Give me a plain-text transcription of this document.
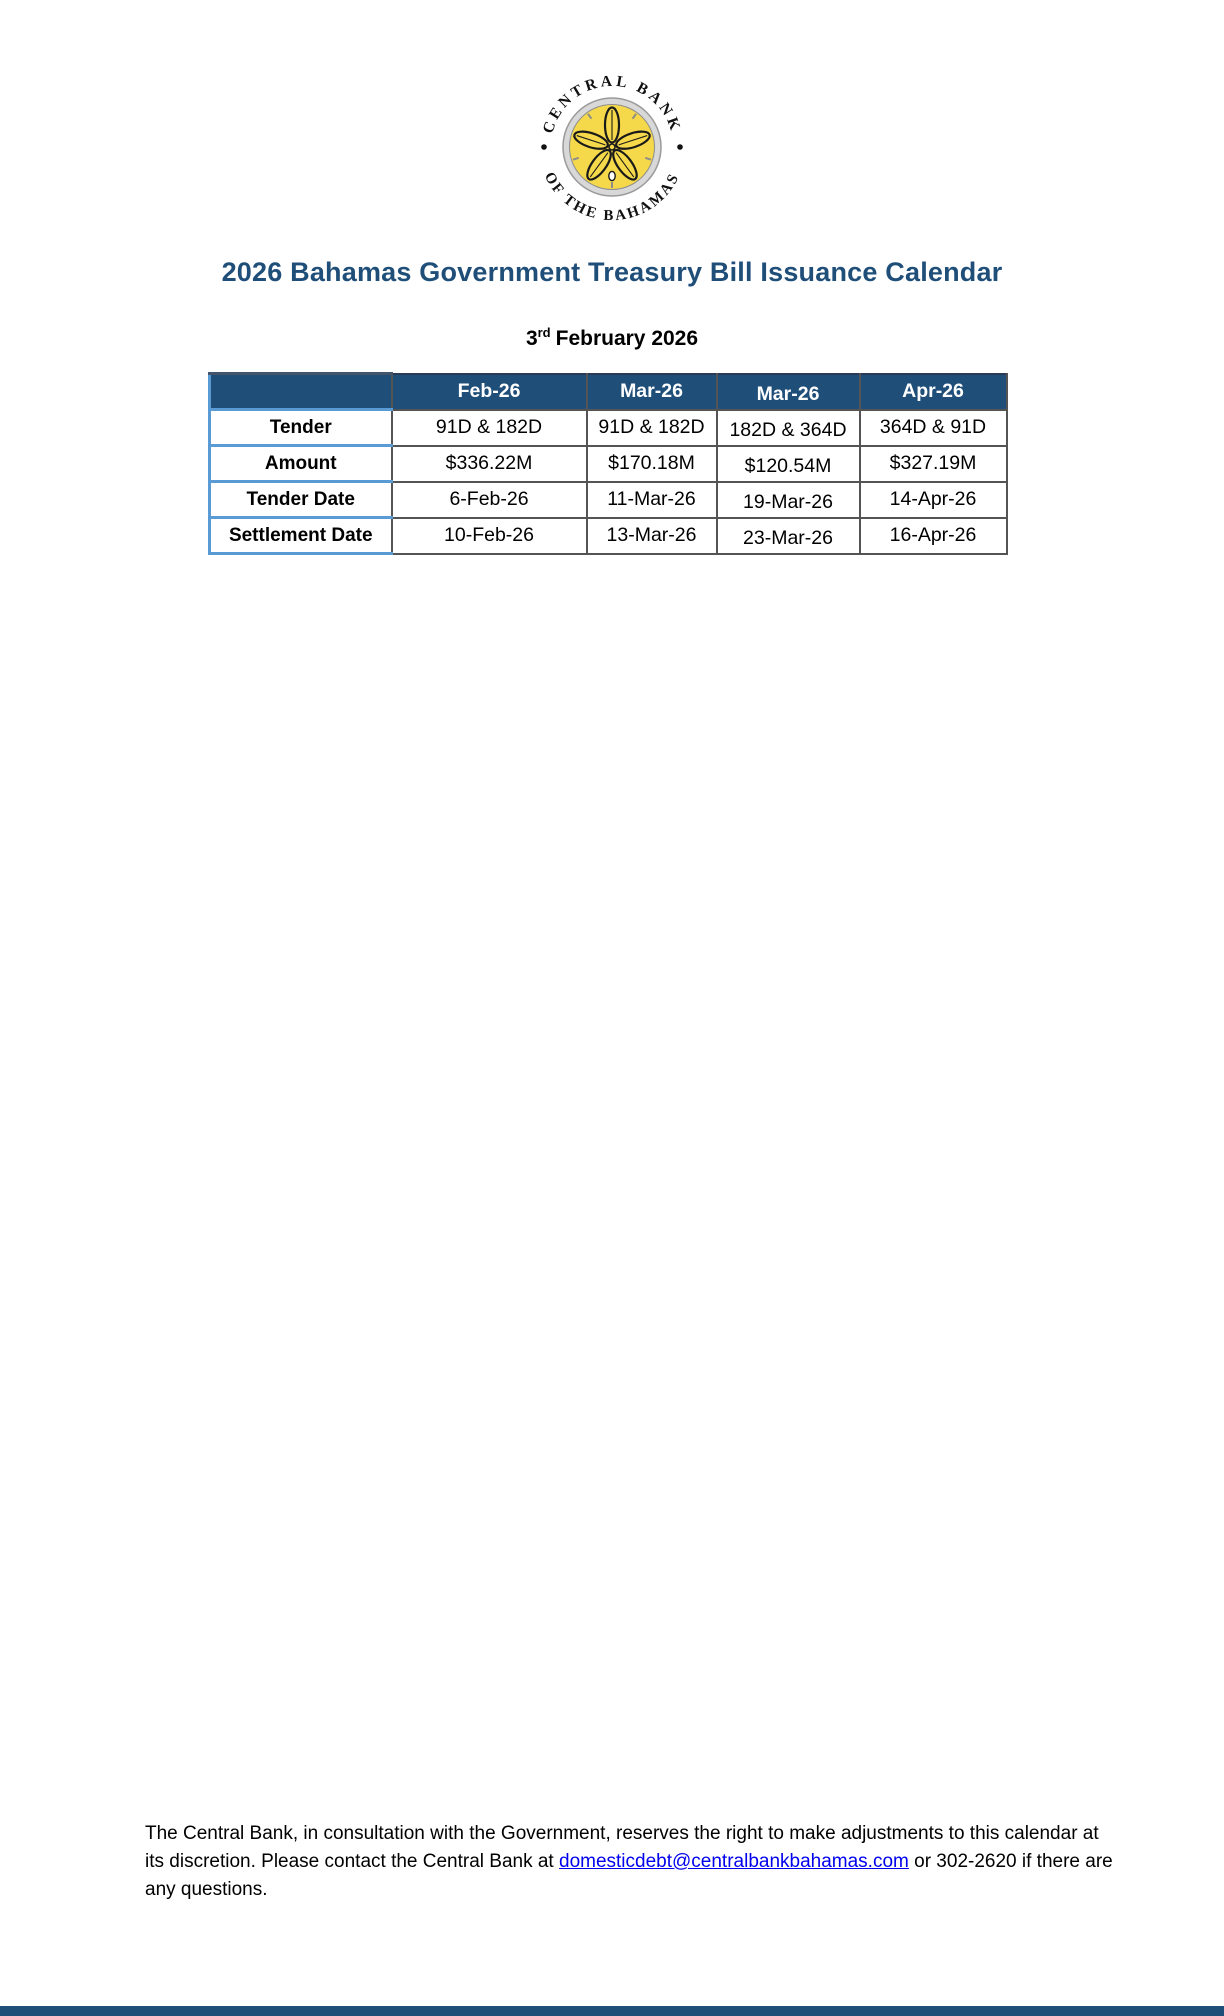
CENTRAL BANK
OF THE BAHAMAS
2026 Bahamas Government Treasury Bill Issuance Calendar
3rd February 2026
	Feb-26	Mar-26	Mar-26	Apr-26
Tender	91D & 182D	91D & 182D	182D & 364D	364D & 91D
Amount	$336.22M	$170.18M	$120.54M	$327.19M
Tender Date	6-Feb-26	11-Mar-26	19-Mar-26	14-Apr-26
Settlement Date	10-Feb-26	13-Mar-26	23-Mar-26	16-Apr-26
The Central Bank, in consultation with the Government, reserves the right to make adjustments to this calendar at
its discretion. Please contact the Central Bank at domesticdebt@centralbankbahamas.com or 302-2620 if there are
any questions.
